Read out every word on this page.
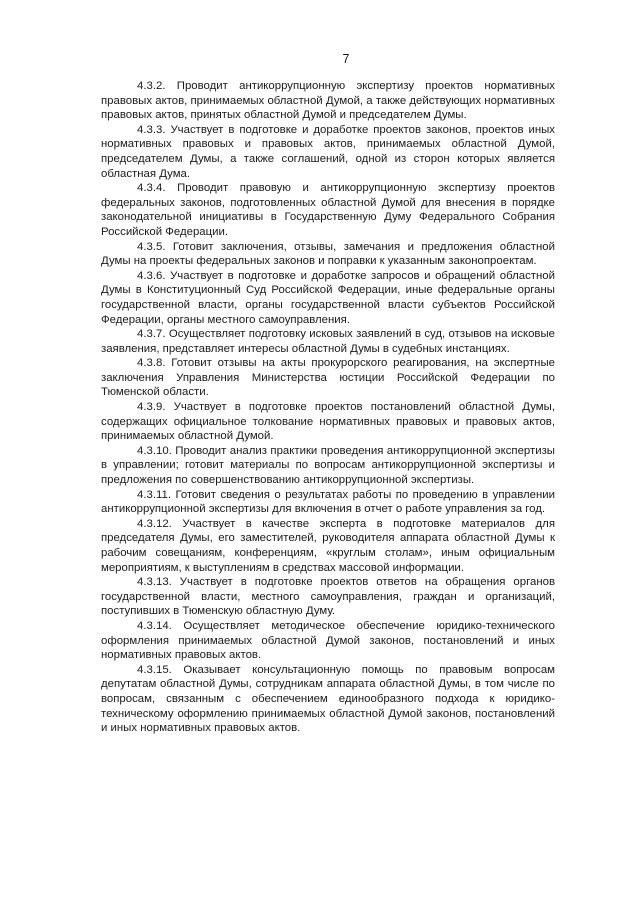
7

4.3.2. Проводит антикоррупционную экспертизу проектов нормативных правовых актов, принимаемых областной Думой, а также действующих нормативных правовых актов, принятых областной Думой и председателем Думы.

4.3.3. Участвует в подготовке и доработке проектов законов, проектов иных нормативных правовых и правовых актов, принимаемых областной Думой, председателем Думы, а также соглашений, одной из сторон которых является областная Дума.

4.3.4. Проводит правовую и антикоррупционную экспертизу проектов федеральных законов, подготовленных областной Думой для внесения в порядке законодательной инициативы в Государственную Думу Федерального Собрания Российской Федерации.

4.3.5. Готовит заключения, отзывы, замечания и предложения областной Думы на проекты федеральных законов и поправки к указанным законопроектам.

4.3.6. Участвует в подготовке и доработке запросов и обращений областной Думы в Конституционный Суд Российской Федерации, иные федеральные органы государственной власти, органы государственной власти субъектов Российской Федерации, органы местного самоуправления.

4.3.7. Осуществляет подготовку исковых заявлений в суд, отзывов на исковые заявления, представляет интересы областной Думы в судебных инстанциях.

4.3.8. Готовит отзывы на акты прокурорского реагирования, на экспертные заключения Управления Министерства юстиции Российской Федерации по Тюменской области.

4.3.9. Участвует в подготовке проектов постановлений областной Думы, содержащих официальное толкование нормативных правовых и правовых актов, принимаемых областной Думой.

4.3.10. Проводит анализ практики проведения антикоррупционной экспертизы в управлении; готовит материалы по вопросам антикоррупционной экспертизы и предложения по совершенствованию антикоррупционной экспертизы.

4.3.11. Готовит сведения о результатах работы по проведению в управлении антикоррупционной экспертизы для включения в отчет о работе управления за год.

4.3.12. Участвует в качестве эксперта в подготовке материалов для председателя Думы, его заместителей, руководителя аппарата областной Думы к рабочим совещаниям, конференциям, «круглым столам», иным официальным мероприятиям, к выступлениям в средствах массовой информации.

4.3.13. Участвует в подготовке проектов ответов на обращения органов государственной власти, местного самоуправления, граждан и организаций, поступивших в Тюменскую областную Думу.

4.3.14. Осуществляет методическое обеспечение юридико-технического оформления принимаемых областной Думой законов, постановлений и иных нормативных правовых актов.

4.3.15. Оказывает консультационную помощь по правовым вопросам депутатам областной Думы, сотрудникам аппарата областной Думы, в том числе по вопросам, связанным с обеспечением единообразного подхода к юридико-техническому оформлению принимаемых областной Думой законов, постановлений и иных нормативных правовых актов.
